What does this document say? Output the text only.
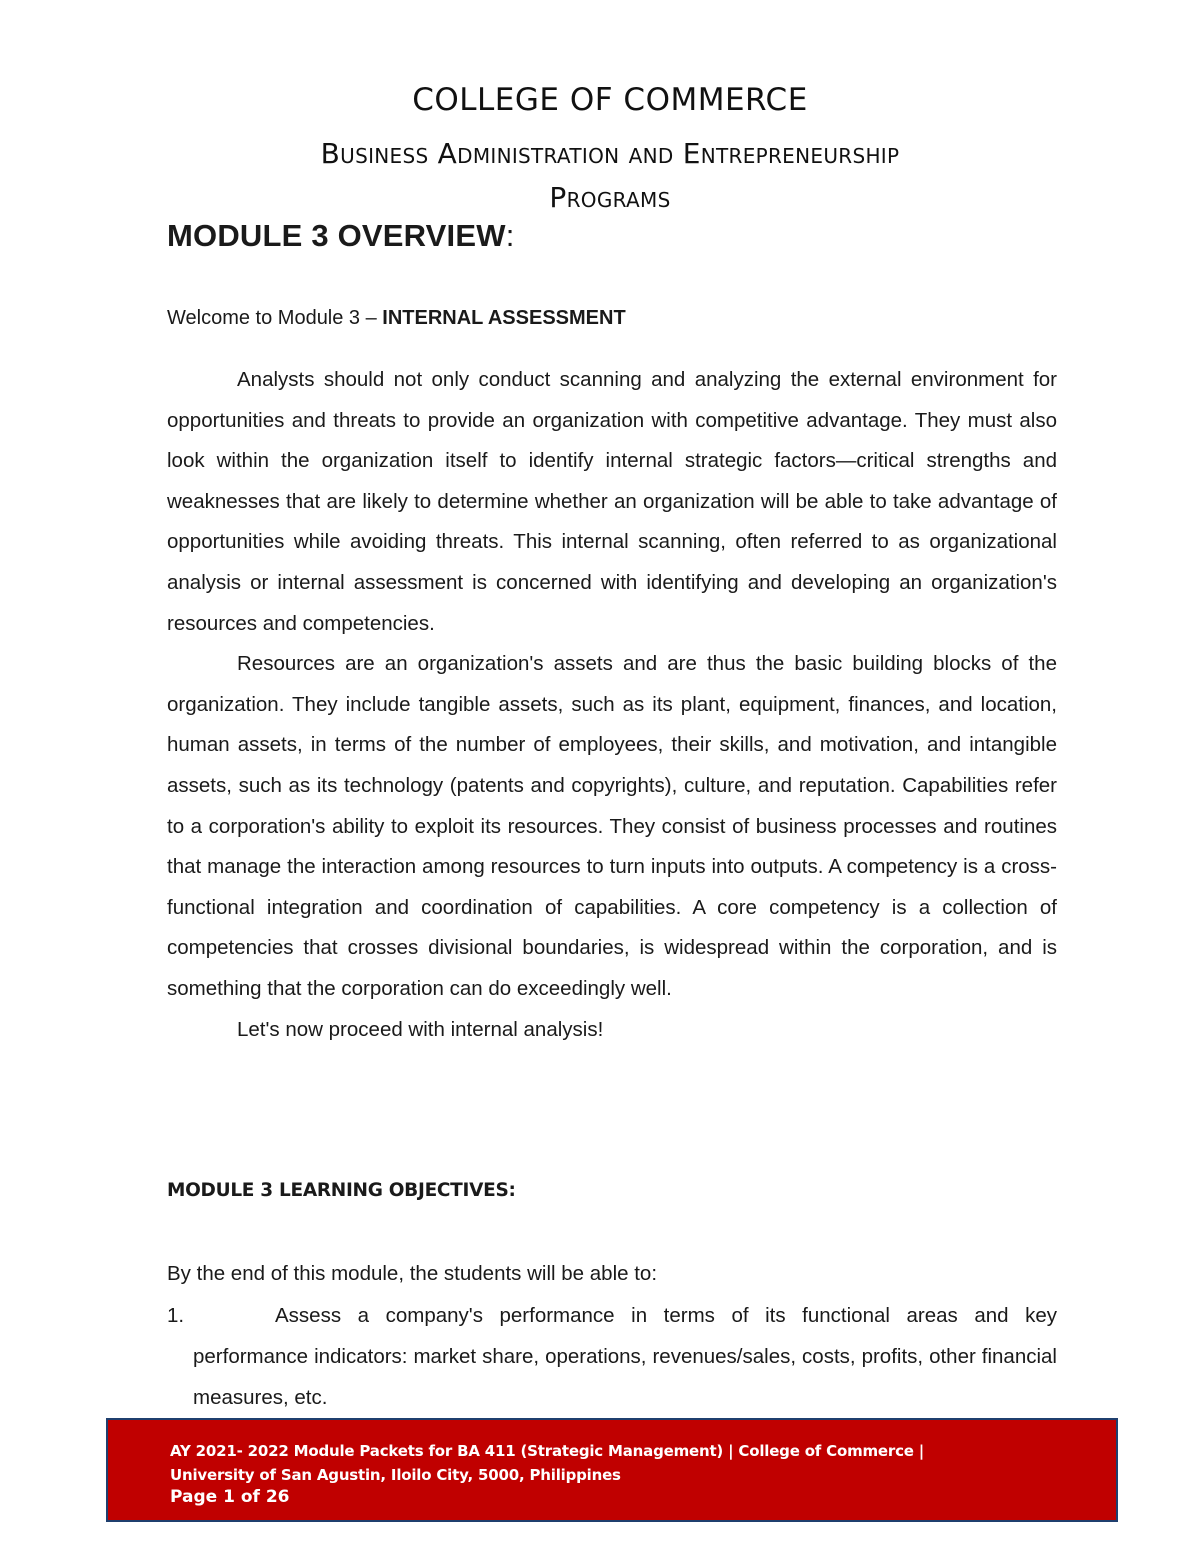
COLLEGE OF COMMERCE
Business Administration and Entrepreneurship
Programs
MODULE 3 OVERVIEW:
Welcome to Module 3 – INTERNAL ASSESSMENT

Analysts should not only conduct scanning and analyzing the external environment for opportunities and threats to provide an organization with competitive advantage. They must also look within the organization itself to identify internal strategic factors—critical strengths and weaknesses that are likely to determine whether an organization will be able to take advantage of opportunities while avoiding threats. This internal scanning, often referred to as organizational analysis or internal assessment is concerned with identifying and developing an organization's resources and competencies.

Resources are an organization's assets and are thus the basic building blocks of the organization. They include tangible assets, such as its plant, equipment, finances, and location, human assets, in terms of the number of employees, their skills, and motivation, and intangible assets, such as its technology (patents and copyrights), culture, and reputation. Capabilities refer to a corporation's ability to exploit its resources. They consist of business processes and routines that manage the interaction among resources to turn inputs into outputs. A competency is a cross-functional integration and coordination of capabilities. A core competency is a collection of competencies that crosses divisional boundaries, is widespread within the corporation, and is something that the corporation can do exceedingly well.

Let's now proceed with internal analysis!

MODULE 3 LEARNING OBJECTIVES:
By the end of this module, the students will be able to:
1.	Assess a company's performance in terms of its functional areas and key performance indicators: market share, operations, revenues/sales, costs, profits, other financial measures, etc.
AY 2021- 2022 Module Packets for BA 411 (Strategic Management) | College of Commerce |
University of San Agustin, Iloilo City, 5000, Philippines
Page 1 of 26
